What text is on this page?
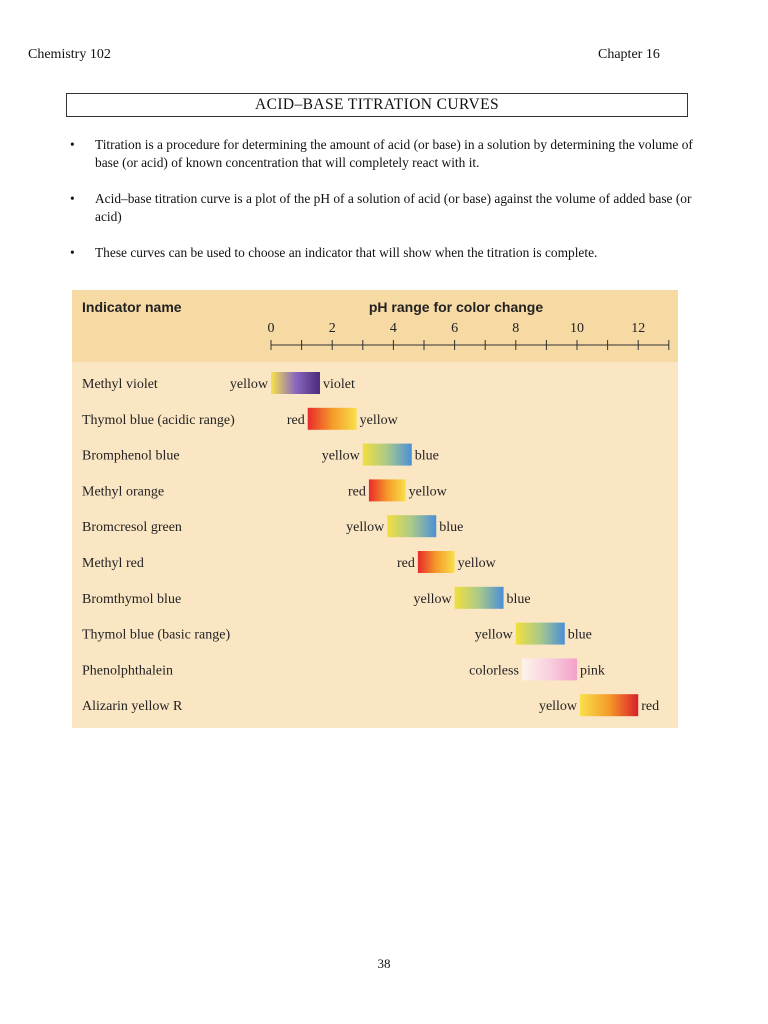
Chemistry 102	Chapter 16
ACID–BASE TITRATION CURVES
• Titration is a procedure for determining the amount of acid (or base) in a solution by determining the volume of base (or acid) of known concentration that will completely react with it.
• Acid–base titration curve is a plot of the pH of a solution of acid (or base) against the volume of added base (or acid)
• These curves can be used to choose an indicator that will show when the titration is complete.
Indicator name	pH range for color change
0	2	4	6	8	10	12
Methyl violet	yellow	violet
Thymol blue (acidic range)	red	yellow
Bromphenol blue	yellow	blue
Methyl orange	red	yellow
Bromcresol green	yellow	blue
Methyl red	red	yellow
Bromthymol blue	yellow	blue
Thymol blue (basic range)	yellow	blue
Phenolphthalein	colorless	pink
Alizarin yellow R	yellow	red
38
